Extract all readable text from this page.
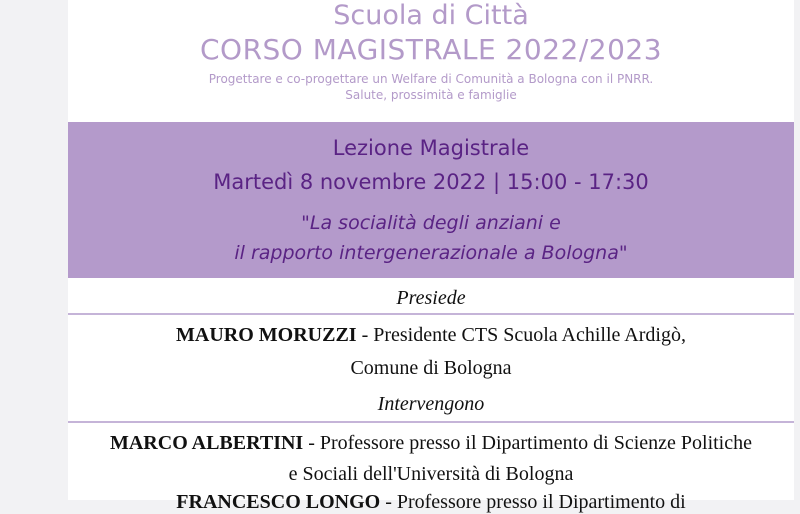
Scuola di Città
CORSO MAGISTRALE 2022/2023
Progettare e co-progettare un Welfare di Comunità a Bologna con il PNRR.
Salute, prossimità e famiglie
Lezione Magistrale
Martedì 8 novembre 2022 | 15:00 - 17:30
"La socialità degli anziani e
il rapporto intergenerazionale a Bologna"
Presiede
MAURO MORUZZI - Presidente CTS Scuola Achille Ardigò,
Comune di Bologna
Intervengono
MARCO ALBERTINI - Professore presso il Dipartimento di Scienze Politiche
e Sociali dell'Università di Bologna
FRANCESCO LONGO - Professore presso il Dipartimento di
